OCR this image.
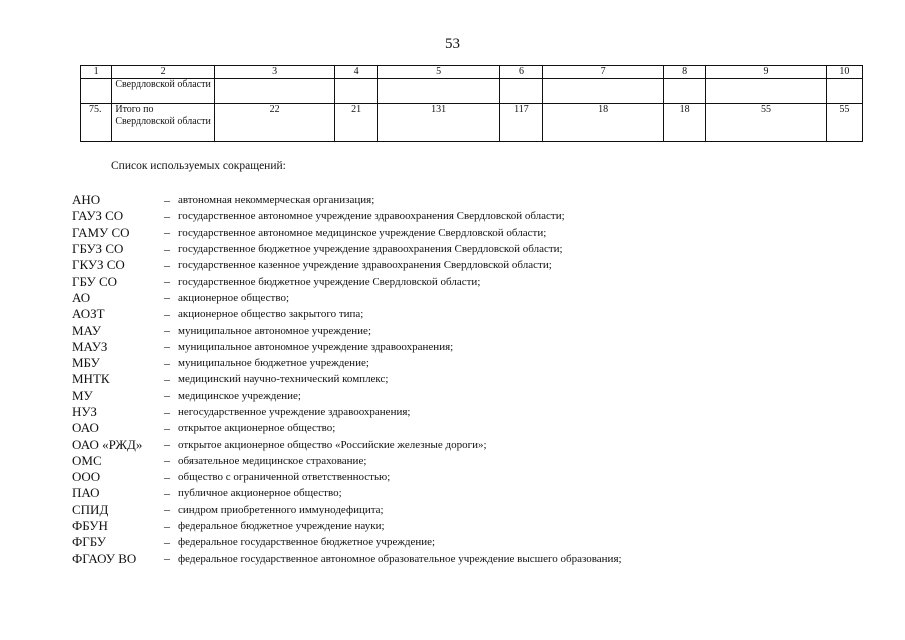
53
1	2	3	4	5	6	7	8	9	10
	Свердловской области								
75.	Итого по Свердловской области	22	21	131	117	18	18	55	55
Список используемых сокращений:
АНО	– автономная некоммерческая организация;
ГАУЗ СО	– государственное автономное учреждение здравоохранения Свердловской области;
ГАМУ СО	– государственное автономное медицинское учреждение Свердловской области;
ГБУЗ СО	– государственное бюджетное учреждение здравоохранения Свердловской области;
ГКУЗ СО	– государственное казенное учреждение здравоохранения Свердловской области;
ГБУ СО	– государственное бюджетное учреждение Свердловской области;
АО	– акционерное общество;
АОЗТ	– акционерное общество закрытого типа;
МАУ	– муниципальное автономное учреждение;
МАУЗ	– муниципальное автономное учреждение здравоохранения;
МБУ	– муниципальное бюджетное учреждение;
МНТК	– медицинский научно-технический комплекс;
МУ	– медицинское учреждение;
НУЗ	– негосударственное учреждение здравоохранения;
ОАО	– открытое акционерное общество;
ОАО «РЖД»	– открытое акционерное общество «Российские железные дороги»;
ОМС	– обязательное медицинское страхование;
ООО	– общество с ограниченной ответственностью;
ПАО	– публичное акционерное общество;
СПИД	– синдром приобретенного иммунодефицита;
ФБУН	– федеральное бюджетное учреждение науки;
ФГБУ	– федеральное государственное бюджетное учреждение;
ФГАОУ ВО	– федеральное государственное автономное образовательное учреждение высшего образования;
